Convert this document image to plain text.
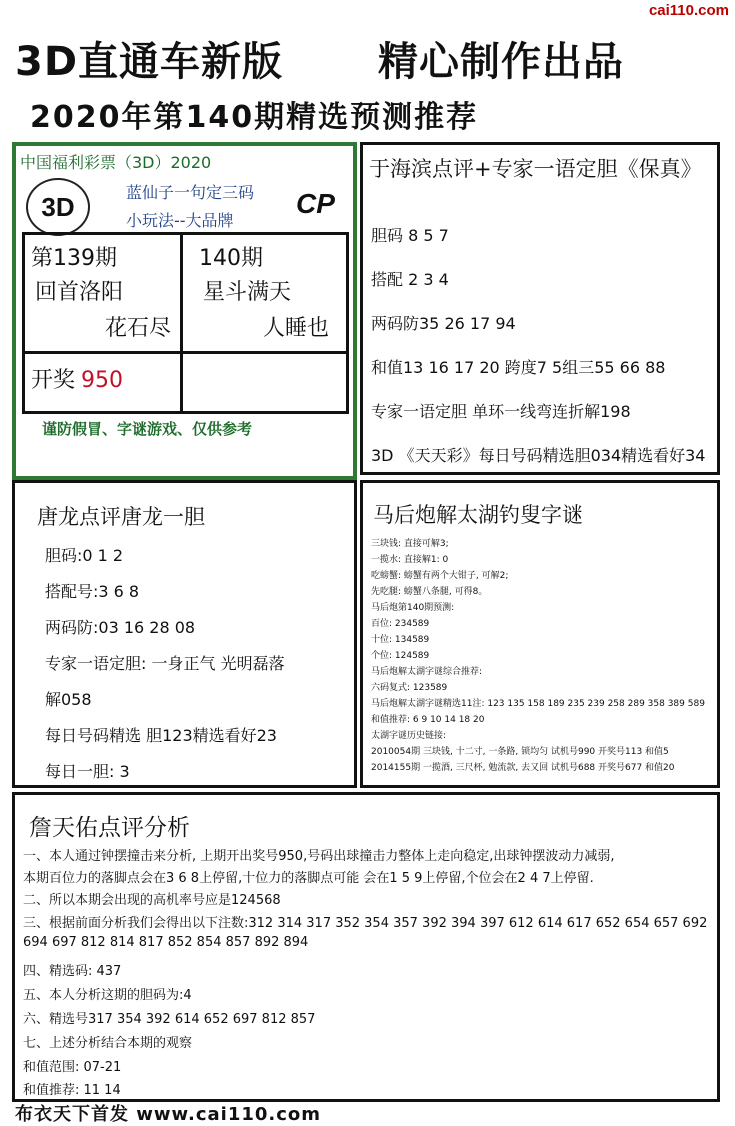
cai110.com
3D直通车新版 精心制作出品
2020年第140期精选预测推荐
中国福利彩票（3D）2020
3D	蓝仙子一句定三码
小玩法--大品牌
CP
第139期
回首洛阳
花石尽
140期
星斗满天
人睡也
开奖 950
谨防假冒、字谜游戏、仅供参考
于海滨点评+专家一语定胆《保真》
胆码 8 5 7
搭配 2 3 4
两码防35 26 17 94
和值13 16 17 20 跨度7 5组三55 66 88
专家一语定胆 单环一线弯连折解198
3D 《天天彩》每日号码精选胆034精选看好34
唐龙点评唐龙一胆
胆码:0 1 2
搭配号:3 6 8
两码防:03 16 28 08
专家一语定胆: 一身正气 光明磊落
解058
每日号码精选 胆123精选看好23
每日一胆: 3
马后炮解太湖钓叟字谜
三块钱: 直接可解3;
一揽水: 直接解1: 0
吃螃蟹: 螃蟹有两个大钳子, 可解2;
先吃腿: 螃蟹八条腿, 可得8。
马后炮第140期预测:
百位: 234589
十位: 134589
个位: 124589
马后炮解太湖字谜综合推荐:
六码复式: 123589
马后炮解太湖字谜精选11注: 123 135 158 189 235 239 258 289 358 389 589
和值推荐: 6 9 10 14 18 20
太湖字谜历史链接:
2010054期 三块钱, 十二寸, 一条路, 锁均匀 试机号990 开奖号113 和值5
2014155期 一揽酒, 三尺杯, 勉流款, 去又回 试机号688 开奖号677 和值20
詹天佑点评分析
一、本人通过钟摆撞击来分析, 上期开出奖号950,号码出球撞击力整体上走向稳定,出球钟摆波动力减弱,
本期百位力的落脚点会在3 6 8上停留,十位力的落脚点可能 会在1 5 9上停留,个位会在2 4 7上停留.
二、所以本期会出现的高机率号应是124568
三、根据前面分析我们会得出以下注数:312 314 317 352 354 357 392 394 397 612 614 617 652 654 657 692
694 697 812 814 817 852 854 857 892 894
四、精选码: 437
五、本人分析这期的胆码为:4
六、精选号317 354 392 614 652 697 812 857
七、上述分析结合本期的观察
和值范围: 07-21
和值推荐: 11 14
布衣天下首发 www.cai110.com
